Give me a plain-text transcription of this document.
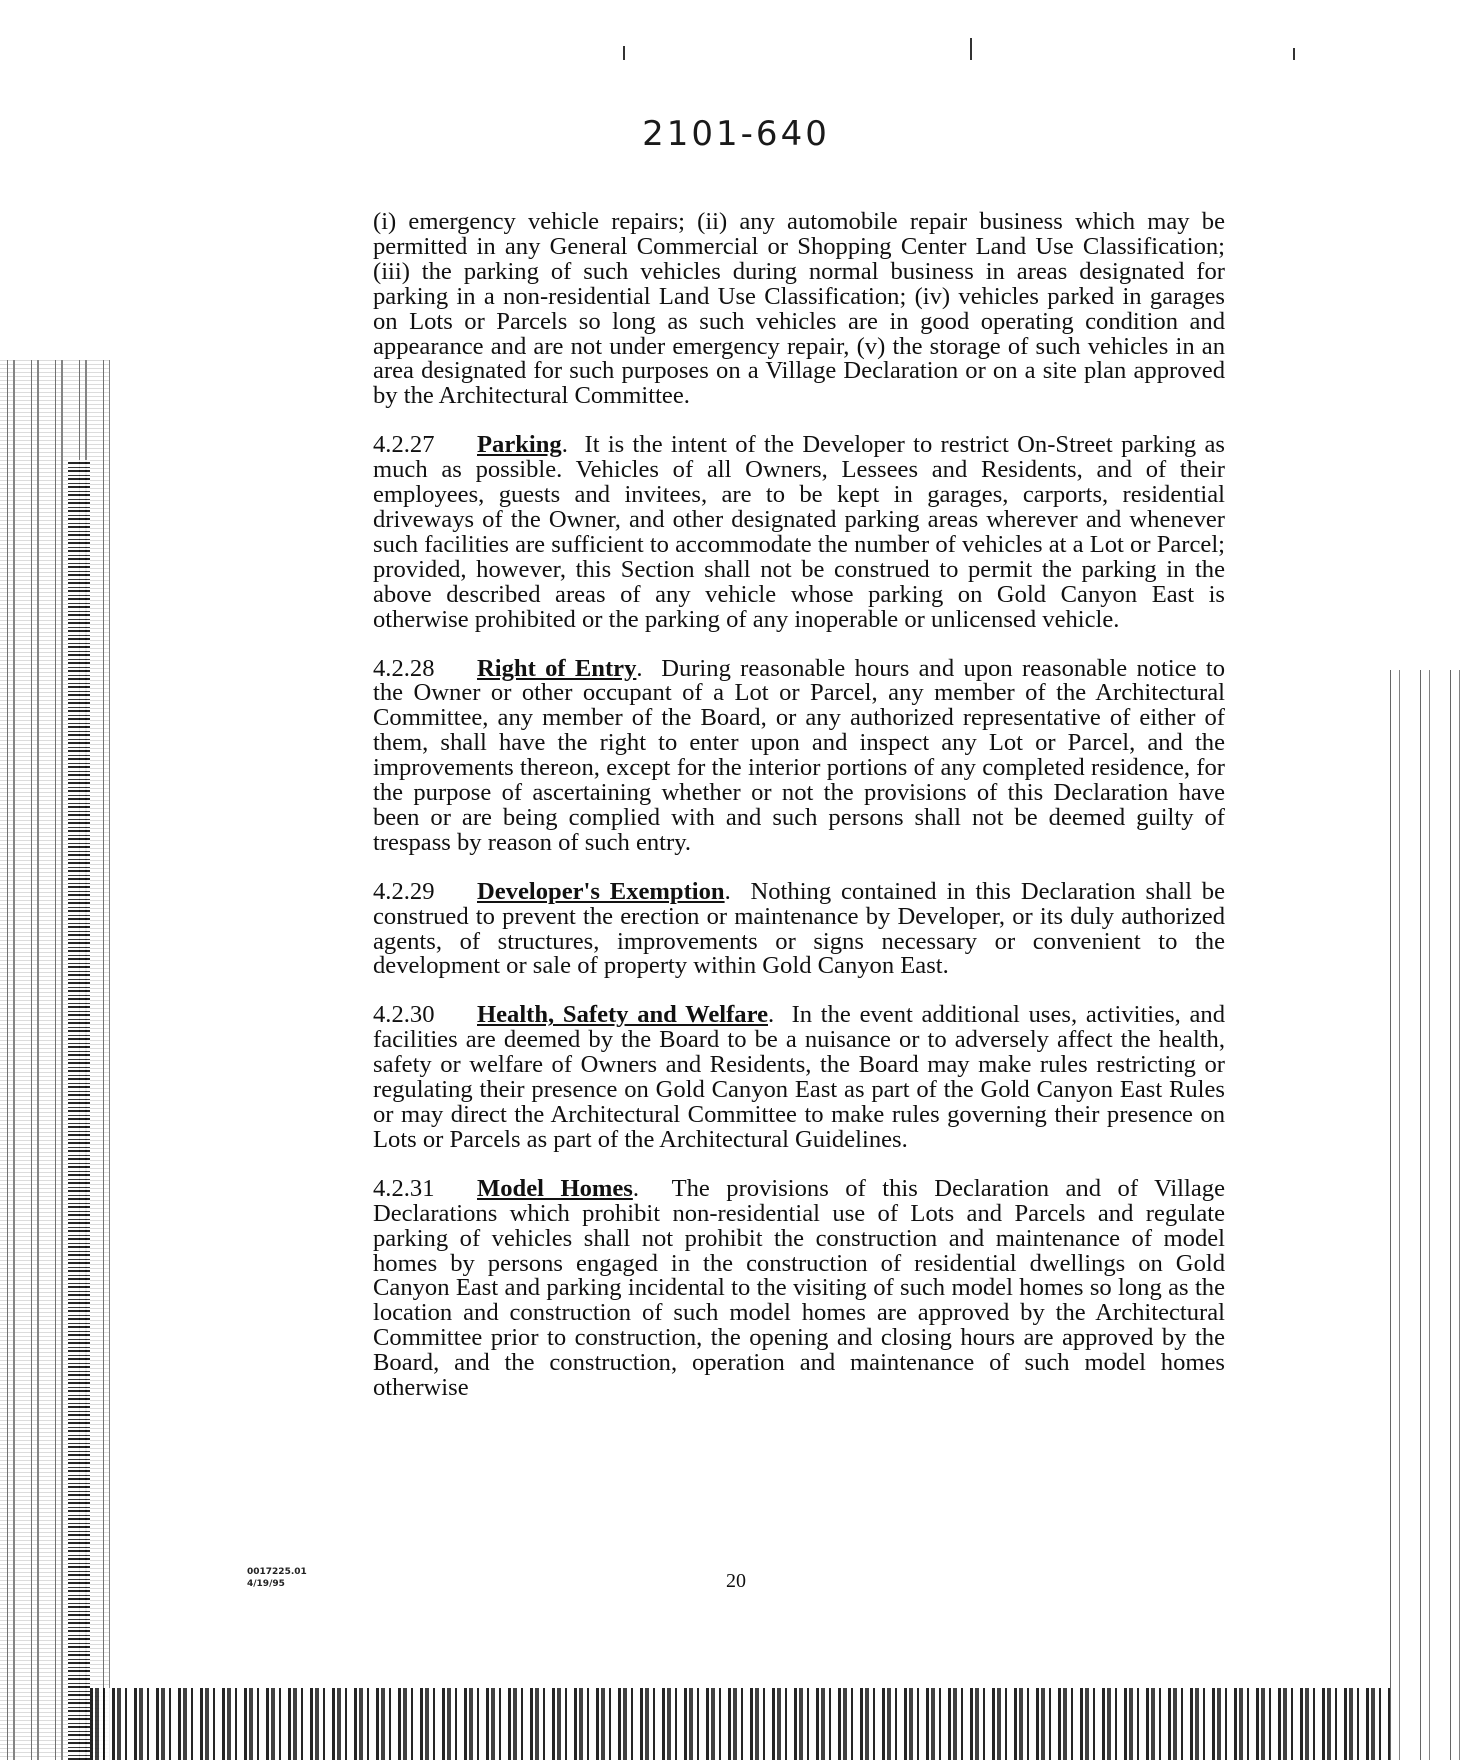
2101-640

(i) emergency vehicle repairs; (ii) any automobile repair business which may be permitted in any General Commercial or Shopping Center Land Use Classification; (iii) the parking of such vehicles during normal business in areas designated for parking in a non-residential Land Use Classification; (iv) vehicles parked in garages on Lots or Parcels so long as such vehicles are in good operating condition and appearance and are not under emergency repair, (v) the storage of such vehicles in an area designated for such purposes on a Village Declaration or on a site plan approved by the Architectural Committee.

4.2.27 Parking.  It is the intent of the Developer to restrict On-Street parking as much as possible. Vehicles of all Owners, Lessees and Residents, and of their employees, guests and invitees, are to be kept in garages, carports, residential driveways of the Owner, and other designated parking areas wherever and whenever such facilities are sufficient to accommodate the number of vehicles at a Lot or Parcel; provided, however, this Section shall not be construed to permit the parking in the above described areas of any vehicle whose parking on Gold Canyon East is otherwise prohibited or the parking of any inoperable or unlicensed vehicle.

4.2.28 Right of Entry.  During reasonable hours and upon reasonable notice to the Owner or other occupant of a Lot or Parcel, any member of the Architectural Committee, any member of the Board, or any authorized representative of either of them, shall have the right to enter upon and inspect any Lot or Parcel, and the improvements thereon, except for the interior portions of any completed residence, for the purpose of ascertaining whether or not the provisions of this Declaration have been or are being complied with and such persons shall not be deemed guilty of trespass by reason of such entry.

4.2.29 Developer's Exemption.  Nothing contained in this Declaration shall be construed to prevent the erection or maintenance by Developer, or its duly authorized agents, of structures, improvements or signs necessary or convenient to the development or sale of property within Gold Canyon East.

4.2.30 Health, Safety and Welfare.  In the event additional uses, activities, and facilities are deemed by the Board to be a nuisance or to adversely affect the health, safety or welfare of Owners and Residents, the Board may make rules restricting or regulating their presence on Gold Canyon East as part of the Gold Canyon East Rules or may direct the Architectural Committee to make rules governing their presence on Lots or Parcels as part of the Architectural Guidelines.

4.2.31 Model Homes.  The provisions of this Declaration and of Village Declarations which prohibit non-residential use of Lots and Parcels and regulate parking of vehicles shall not prohibit the construction and maintenance of model homes by persons engaged in the construction of residential dwellings on Gold Canyon East and parking incidental to the visiting of such model homes so long as the location and construction of such model homes are approved by the Architectural Committee prior to construction, the opening and closing hours are approved by the Board, and the construction, operation and maintenance of such model homes otherwise

0017225.01
4/19/95	20
